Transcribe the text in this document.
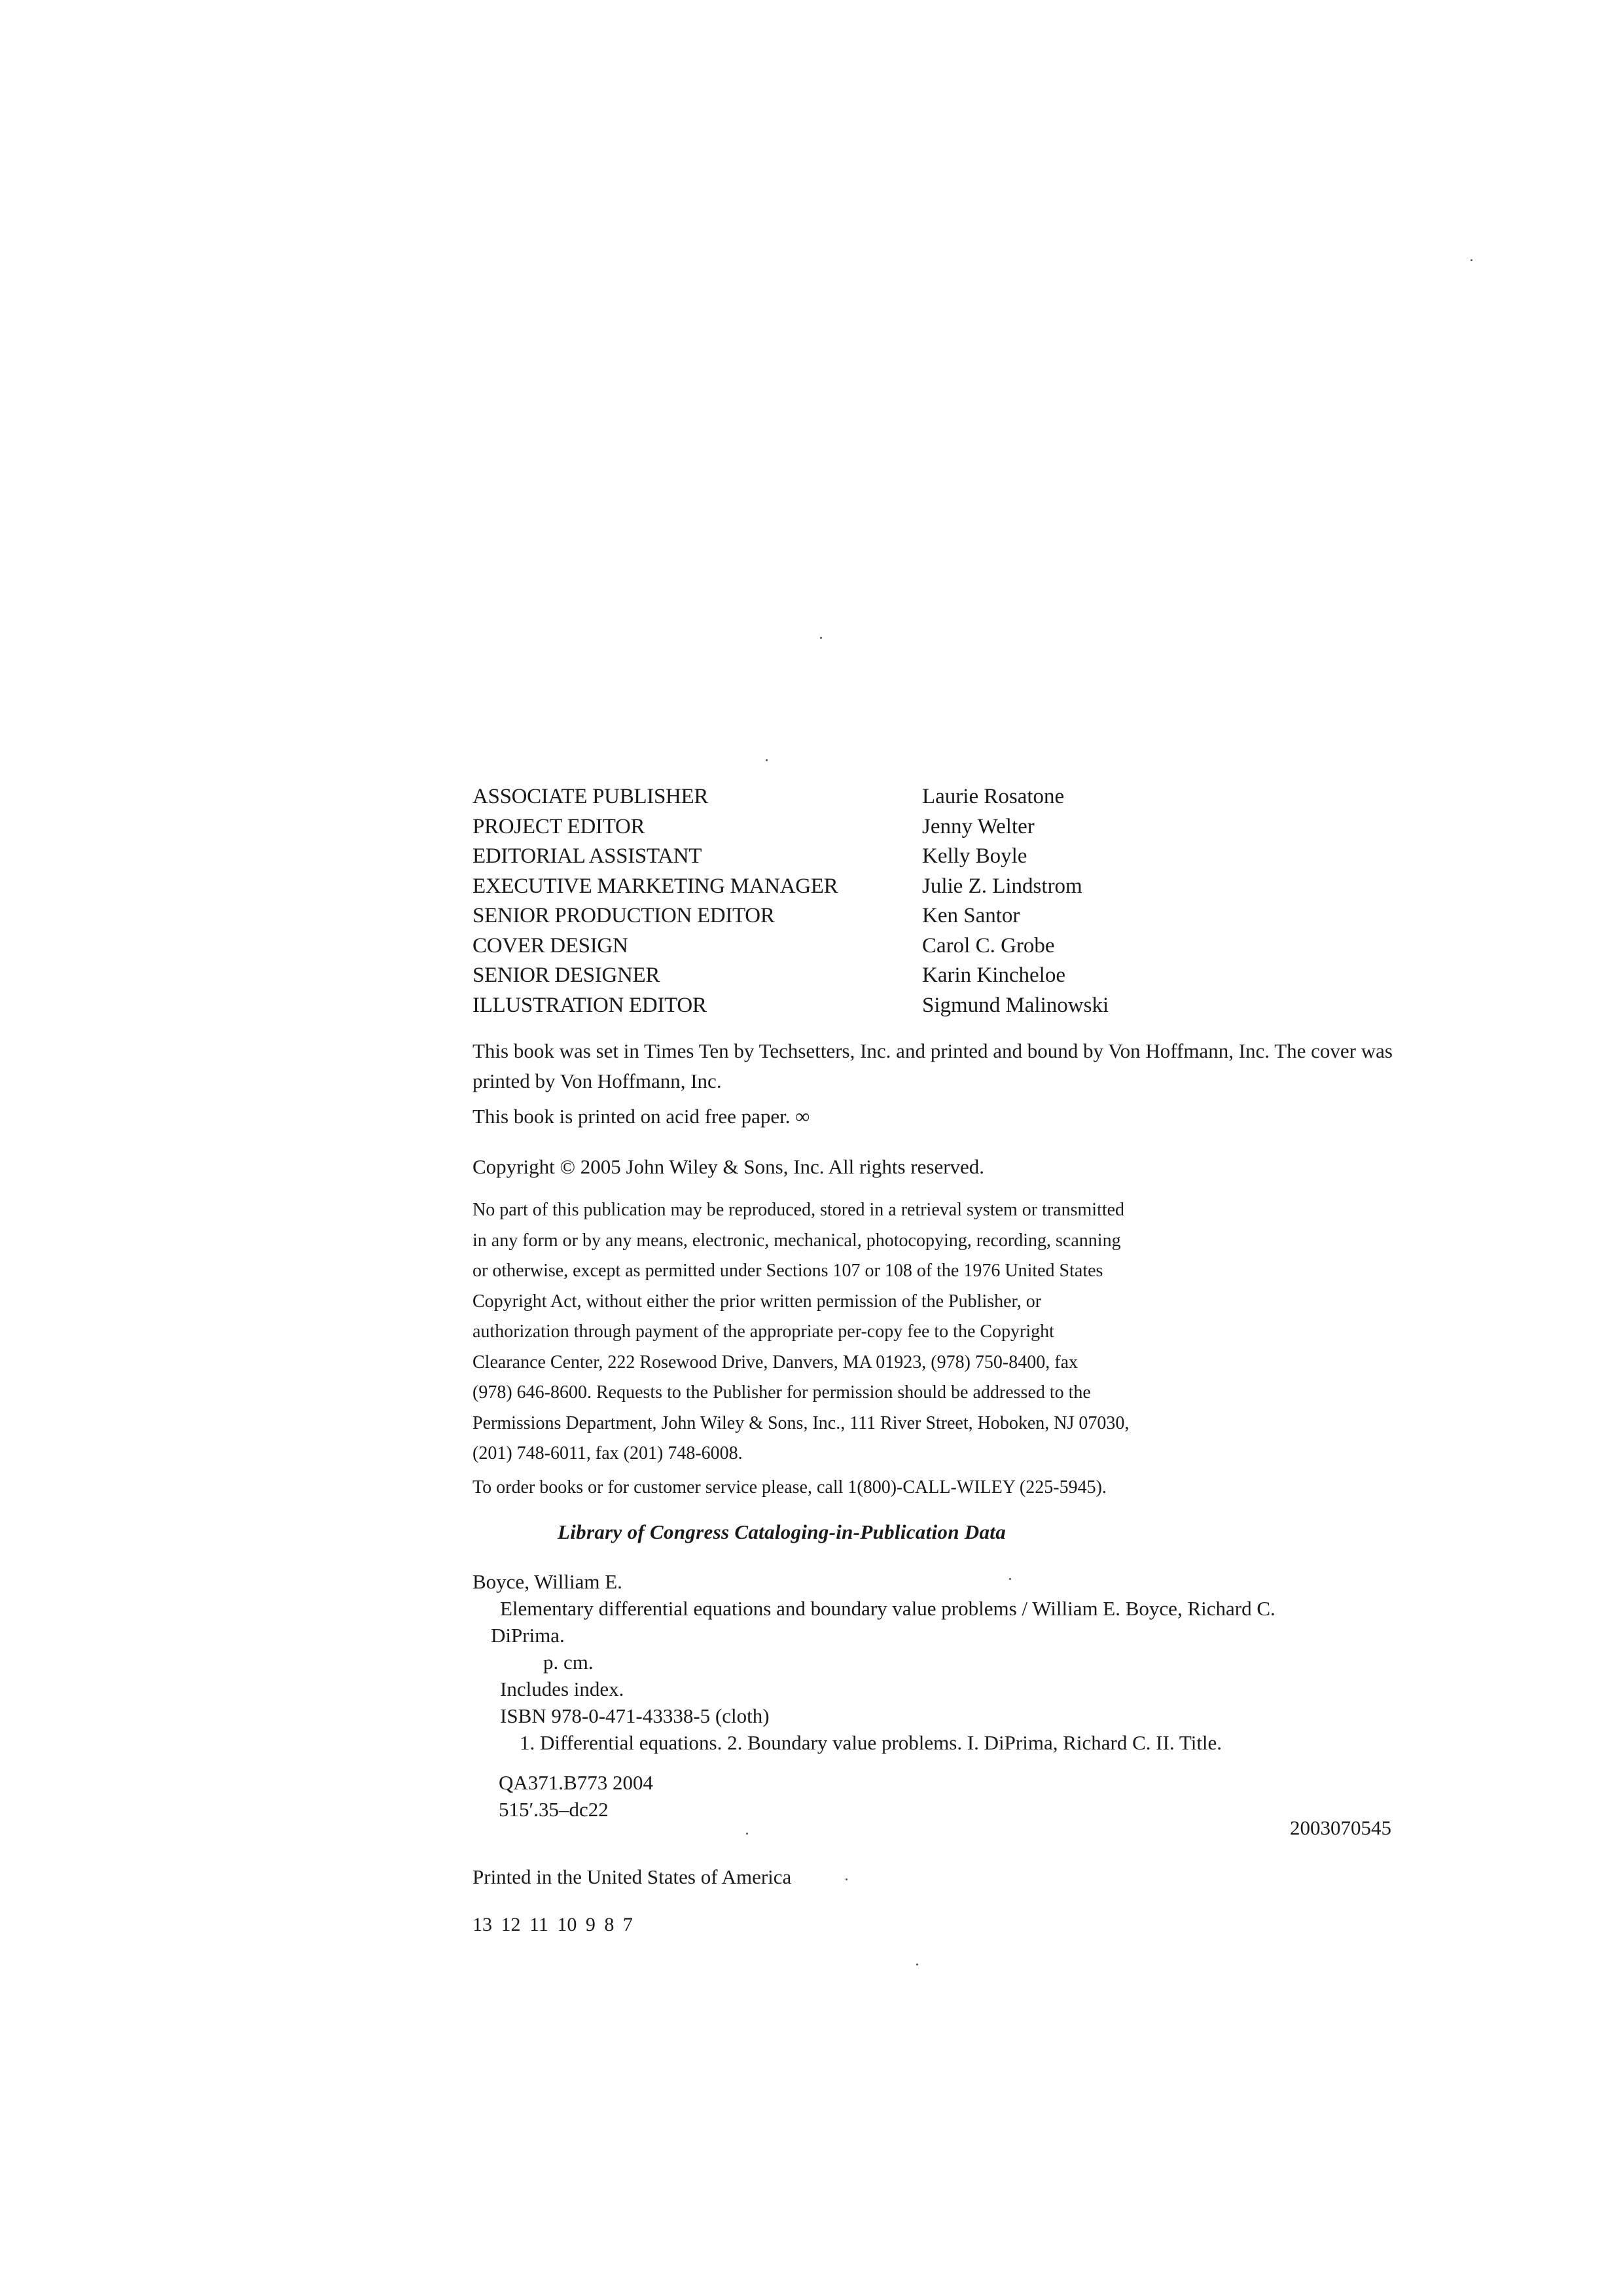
ASSOCIATE PUBLISHER	Laurie Rosatone
PROJECT EDITOR	Jenny Welter
EDITORIAL ASSISTANT	Kelly Boyle
EXECUTIVE MARKETING MANAGER	Julie Z. Lindstrom
SENIOR PRODUCTION EDITOR	Ken Santor
COVER DESIGN	Carol C. Grobe
SENIOR DESIGNER	Karin Kincheloe
ILLUSTRATION EDITOR	Sigmund Malinowski
This book was set in Times Ten by Techsetters, Inc. and printed and bound by Von Hoffmann, Inc. The cover was printed by Von Hoffmann, Inc.
This book is printed on acid free paper. ∞
Copyright © 2005 John Wiley & Sons, Inc. All rights reserved.
No part of this publication may be reproduced, stored in a retrieval system or transmitted
in any form or by any means, electronic, mechanical, photocopying, recording, scanning
or otherwise, except as permitted under Sections 107 or 108 of the 1976 United States
Copyright Act, without either the prior written permission of the Publisher, or
authorization through payment of the appropriate per-copy fee to the Copyright
Clearance Center, 222 Rosewood Drive, Danvers, MA 01923, (978) 750-8400, fax
(978) 646-8600. Requests to the Publisher for permission should be addressed to the
Permissions Department, John Wiley & Sons, Inc., 111 River Street, Hoboken, NJ 07030,
(201) 748-6011, fax (201) 748-6008.
To order books or for customer service please, call 1(800)-CALL-WILEY (225-5945).
Library of Congress Cataloging-in-Publication Data
Boyce, William E.
Elementary differential equations and boundary value problems / William E. Boyce, Richard C.
DiPrima.
p. cm.
Includes index.
ISBN 978-0-471-43338-5 (cloth)
1. Differential equations. 2. Boundary value problems. I. DiPrima, Richard C. II. Title.
QA371.B773 2004
515′.35–dc22
2003070545
Printed in the United States of America
13 12 11 10 9 8 7
